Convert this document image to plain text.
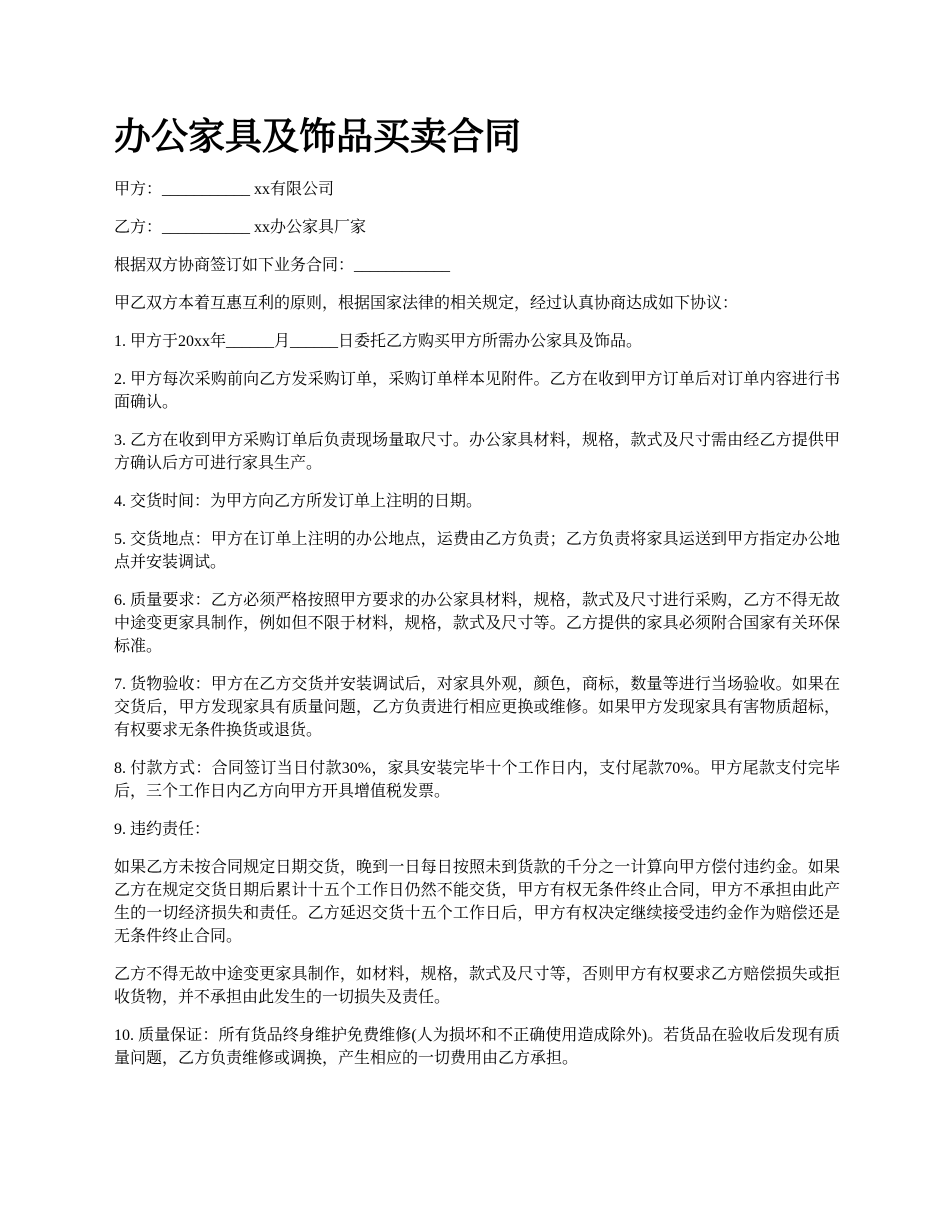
办公家具及饰品买卖合同

甲方：___________ xx有限公司

乙方：___________ xx办公家具厂家

根据双方协商签订如下业务合同：____________

甲乙双方本着互惠互利的原则，根据国家法律的相关规定，经过认真协商达成如下协议：

1. 甲方于20xx年______月______日委托乙方购买甲方所需办公家具及饰品。

2. 甲方每次采购前向乙方发采购订单，采购订单样本见附件。乙方在收到甲方订单后对订单内容进行书面确认。

3. 乙方在收到甲方采购订单后负责现场量取尺寸。办公家具材料，规格，款式及尺寸需由经乙方提供甲方确认后方可进行家具生产。

4. 交货时间：为甲方向乙方所发订单上注明的日期。

5. 交货地点：甲方在订单上注明的办公地点，运费由乙方负责；乙方负责将家具运送到甲方指定办公地点并安装调试。

6. 质量要求：乙方必须严格按照甲方要求的办公家具材料，规格，款式及尺寸进行采购，乙方不得无故中途变更家具制作，例如但不限于材料，规格，款式及尺寸等。乙方提供的家具必须附合国家有关环保标准。

7. 货物验收：甲方在乙方交货并安装调试后，对家具外观，颜色，商标，数量等进行当场验收。如果在交货后，甲方发现家具有质量问题，乙方负责进行相应更换或维修。如果甲方发现家具有害物质超标，有权要求无条件换货或退货。

8. 付款方式：合同签订当日付款30%，家具安装完毕十个工作日内，支付尾款70%。甲方尾款支付完毕后，三个工作日内乙方向甲方开具增值税发票。

9. 违约责任：

如果乙方未按合同规定日期交货，晚到一日每日按照未到货款的千分之一计算向甲方偿付违约金。如果乙方在规定交货日期后累计十五个工作日仍然不能交货，甲方有权无条件终止合同，甲方不承担由此产生的一切经济损失和责任。乙方延迟交货十五个工作日后，甲方有权决定继续接受违约金作为赔偿还是无条件终止合同。

乙方不得无故中途变更家具制作，如材料，规格，款式及尺寸等，否则甲方有权要求乙方赔偿损失或拒收货物，并不承担由此发生的一切损失及责任。

10. 质量保证：所有货品终身维护免费维修(人为损坏和不正确使用造成除外)。若货品在验收后发现有质量问题，乙方负责维修或调换，产生相应的一切费用由乙方承担。
